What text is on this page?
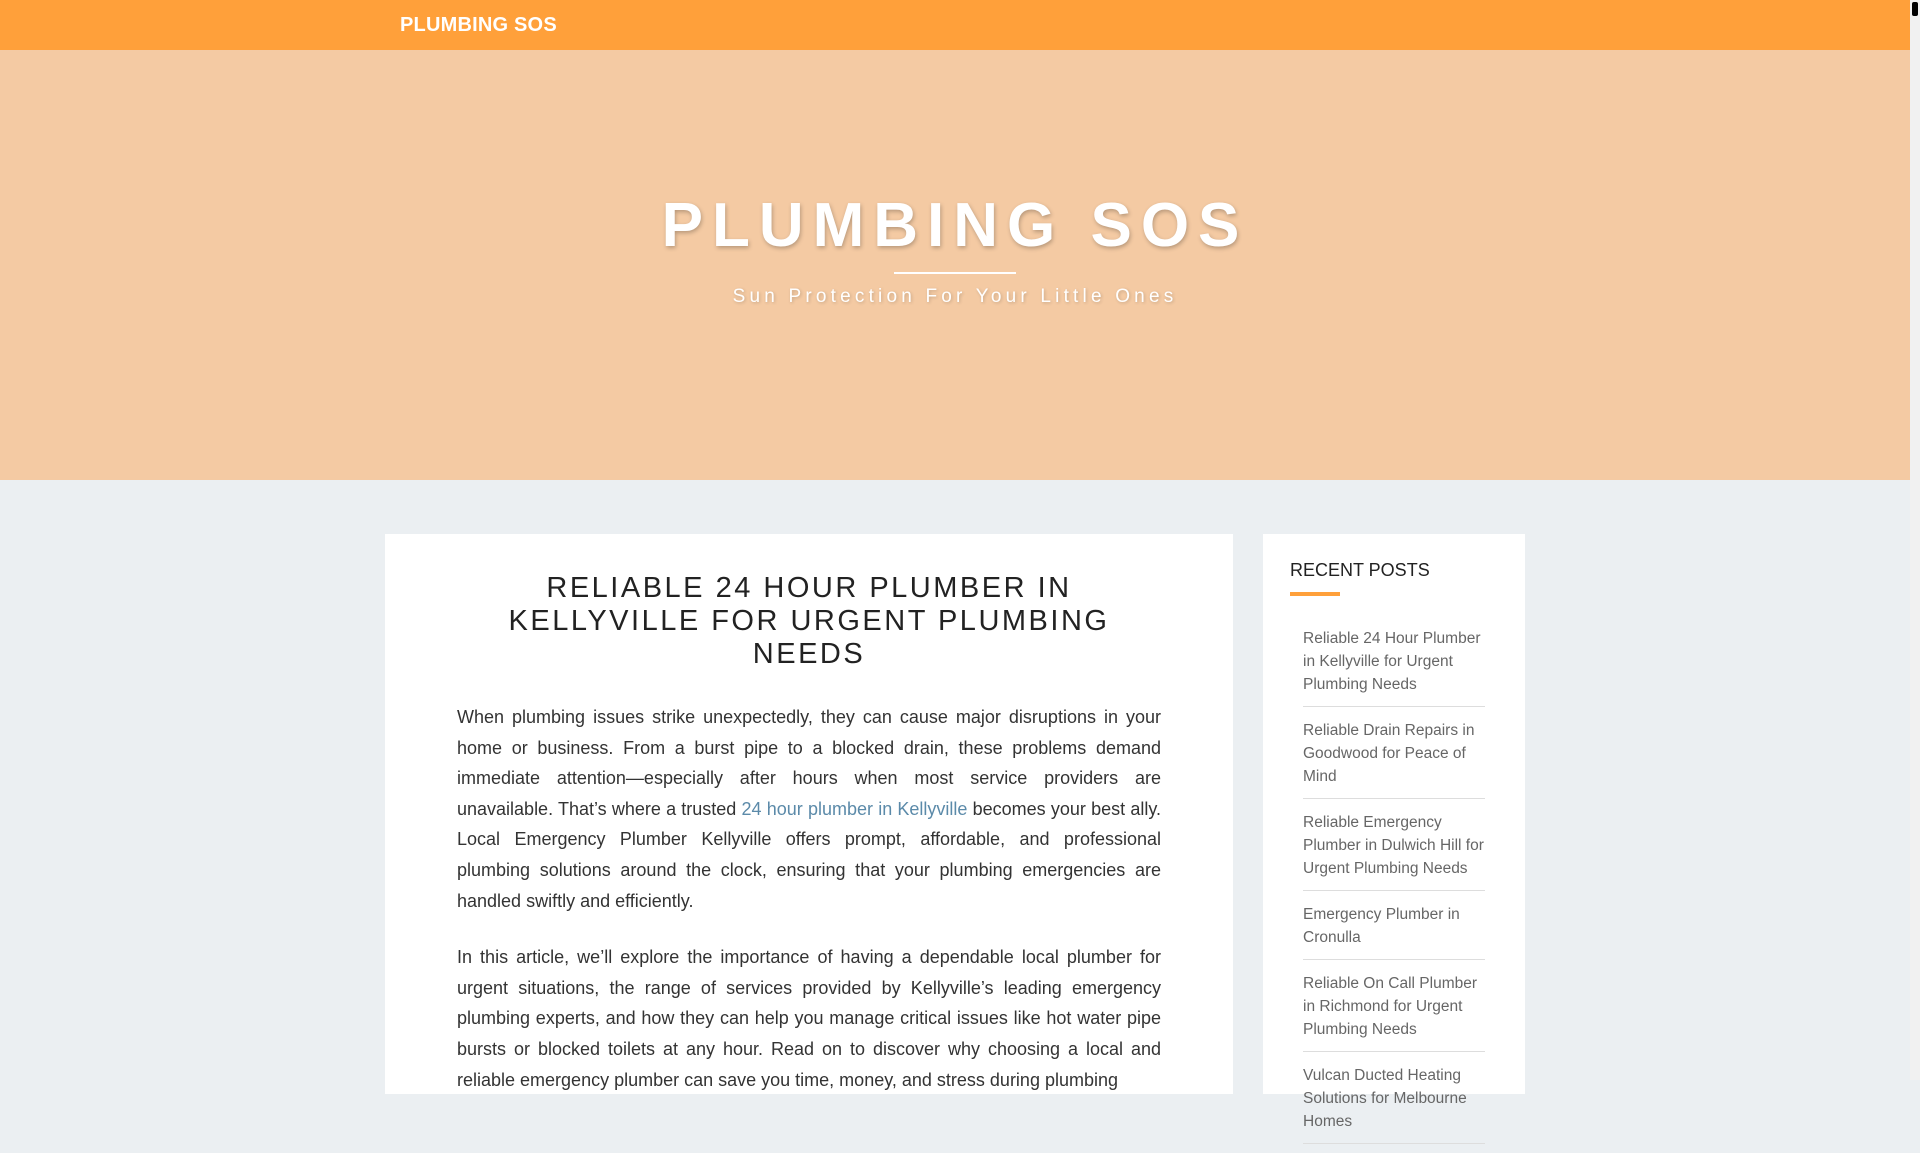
PLUMBING SOS
PLUMBING SOS
Sun Protection For Your Little Ones
RELIABLE 24 HOUR PLUMBER IN KELLYVILLE FOR URGENT PLUMBING NEEDS

When plumbing issues strike unexpectedly, they can cause major disruptions in your home or business. From a burst pipe to a blocked drain, these problems demand immediate attention—especially after hours when most service providers are unavailable. That’s where a trusted 24 hour plumber in Kellyville becomes your best ally. Local Emergency Plumber Kellyville offers prompt, affordable, and professional plumbing solutions around the clock, ensuring that your plumbing emergencies are handled swiftly and efficiently.

In this article, we’ll explore the importance of having a dependable local plumber for urgent situations, the range of services provided by Kellyville’s leading emergency plumbing experts, and how they can help you manage critical issues like hot water pipe bursts or blocked toilets at any hour. Read on to discover why choosing a local and reliable emergency plumber can save you time, money, and stress during plumbing

RECENT POSTS
Reliable 24 Hour Plumber in Kellyville for Urgent Plumbing Needs
Reliable Drain Repairs in Goodwood for Peace of Mind
Reliable Emergency Plumber in Dulwich Hill for Urgent Plumbing Needs
Emergency Plumber in Cronulla
Reliable On Call Plumber in Richmond for Urgent Plumbing Needs
Vulcan Ducted Heating Solutions for Melbourne Homes
